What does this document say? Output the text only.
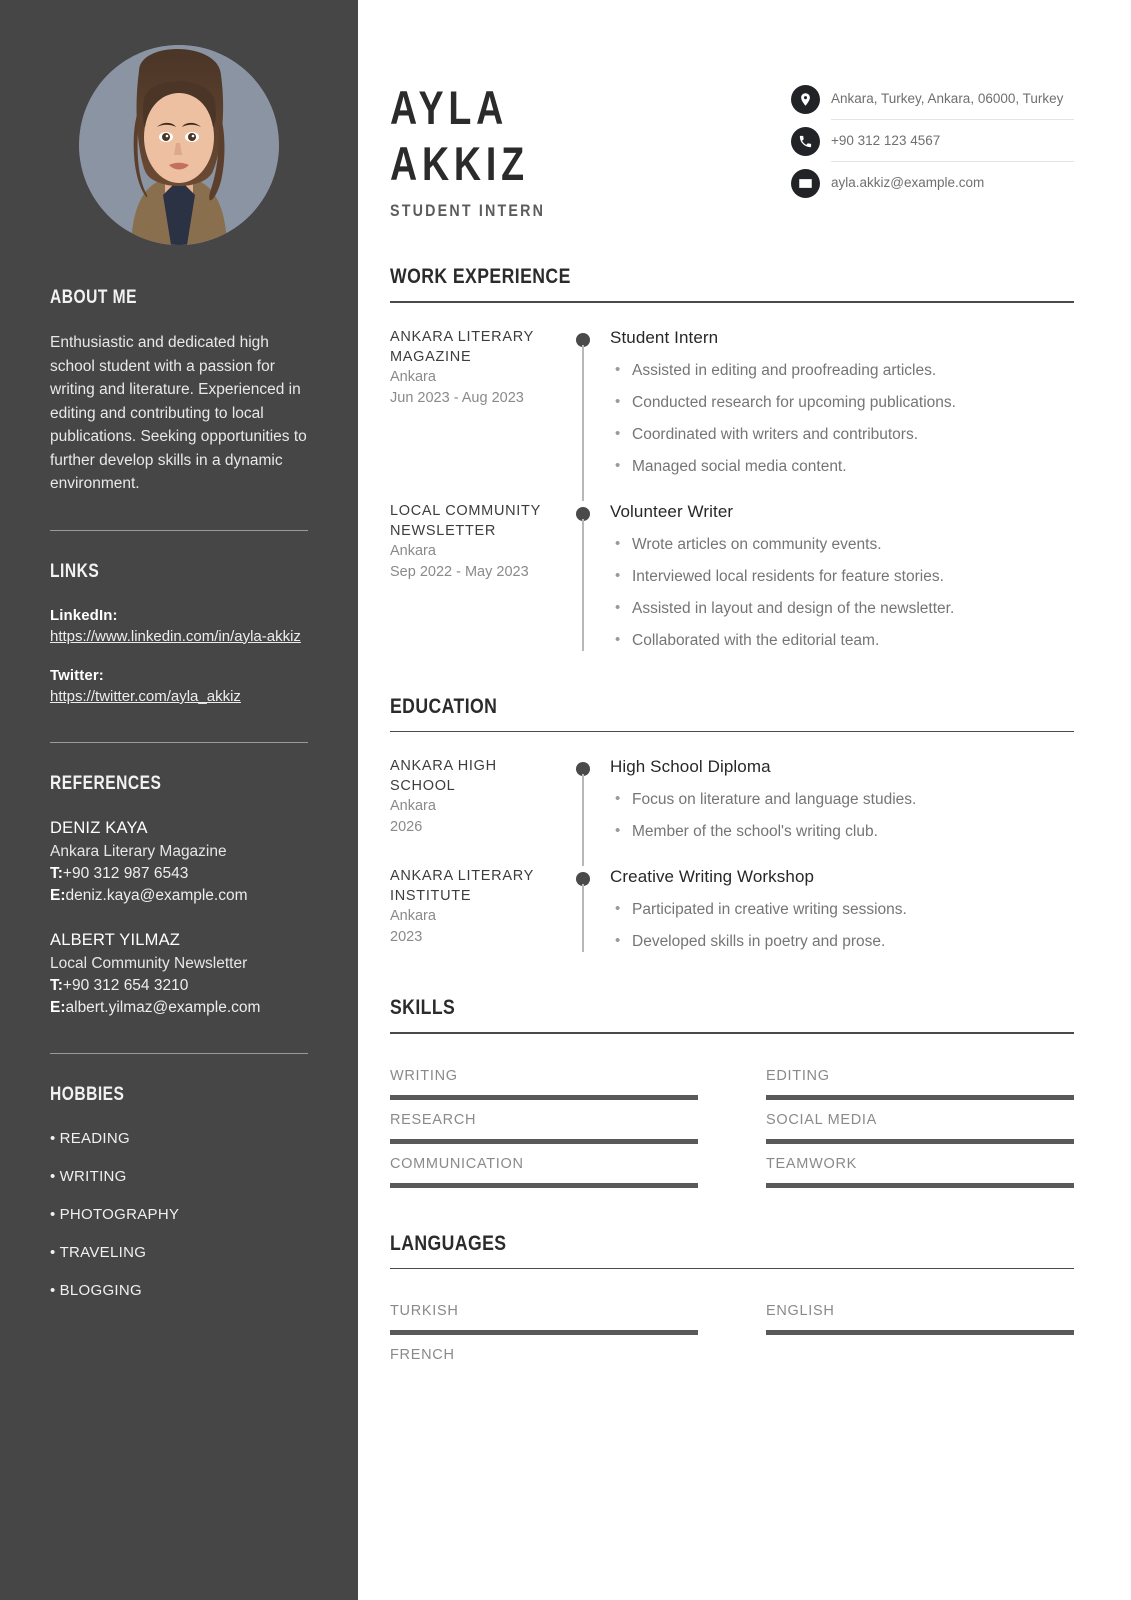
ABOUT ME

Enthusiastic and dedicated high school student with a passion for writing and literature. Experienced in editing and contributing to local publications. Seeking opportunities to further develop skills in a dynamic environment.

LINKS
LinkedIn:
https://www.linkedin.com/in/ayla-akkiz
Twitter:
https://twitter.com/ayla_akkiz
REFERENCES
DENIZ KAYA
Ankara Literary Magazine
T:+90 312 987 6543
E:deniz.kaya@example.com
ALBERT YILMAZ
Local Community Newsletter
T:+90 312 654 3210
E:albert.yilmaz@example.com
HOBBIES
• READING
• WRITING
• PHOTOGRAPHY
• TRAVELING
• BLOGGING
AYLA
AKKIZ
STUDENT INTERN
Ankara, Turkey, Ankara, 06000, Turkey
+90 312 123 4567
ayla.akkiz@example.com
WORK EXPERIENCE
ANKARA LITERARY MAGAZINE
Ankara
Jun 2023 - Aug 2023
Student Intern
• Assisted in editing and proofreading articles.
• Conducted research for upcoming publications.
• Coordinated with writers and contributors.
• Managed social media content.
LOCAL COMMUNITY NEWSLETTER
Ankara
Sep 2022 - May 2023
Volunteer Writer
• Wrote articles on community events.
• Interviewed local residents for feature stories.
• Assisted in layout and design of the newsletter.
• Collaborated with the editorial team.
EDUCATION
ANKARA HIGH SCHOOL
Ankara
2026
High School Diploma
• Focus on literature and language studies.
• Member of the school's writing club.
ANKARA LITERARY INSTITUTE
Ankara
2023
Creative Writing Workshop
• Participated in creative writing sessions.
• Developed skills in poetry and prose.
SKILLS
WRITING	EDITING
RESEARCH	SOCIAL MEDIA
COMMUNICATION	TEAMWORK
LANGUAGES
TURKISH	ENGLISH
FRENCH
